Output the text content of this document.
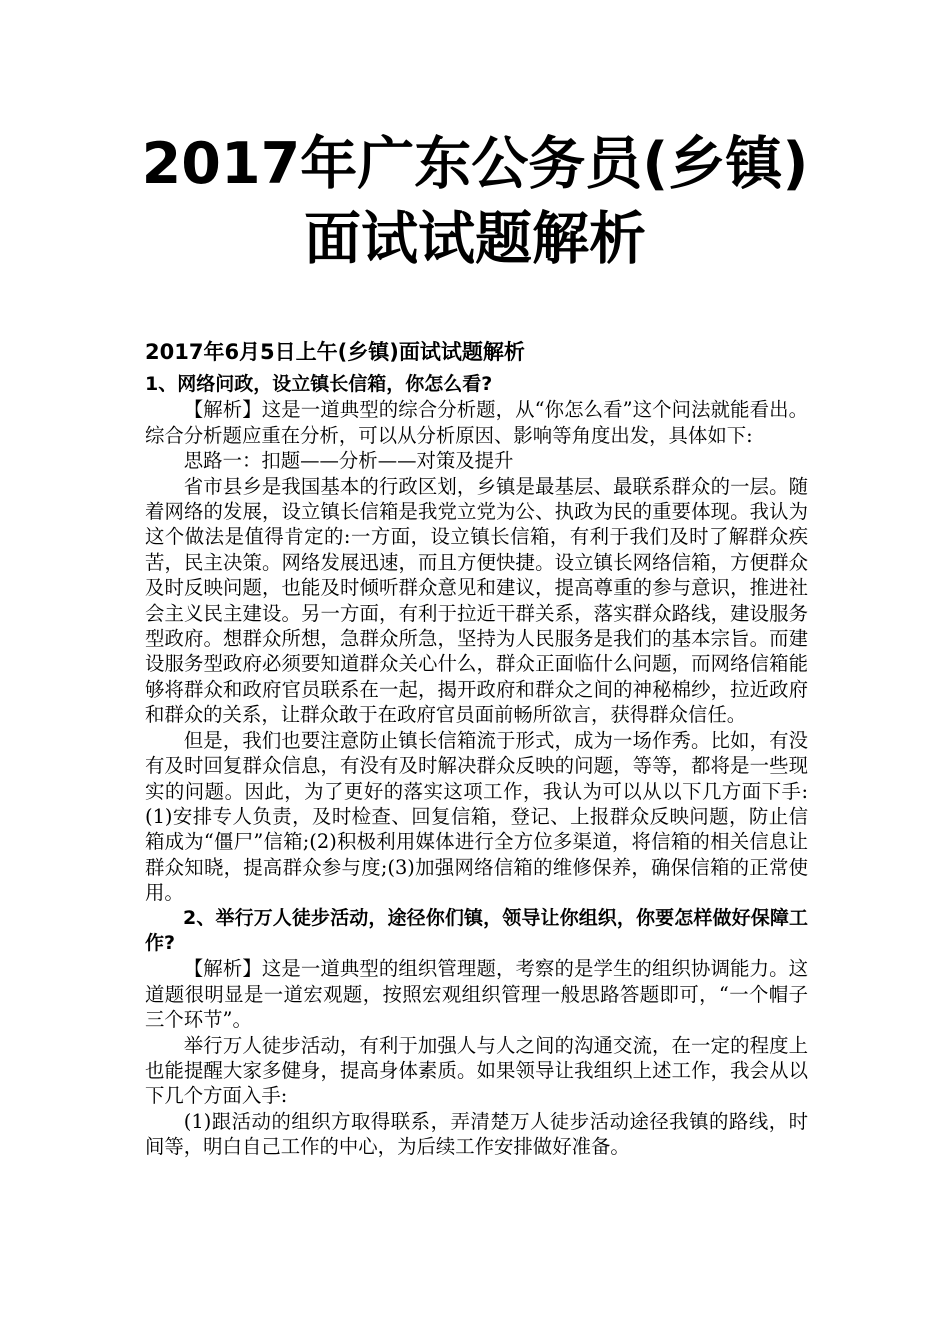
2017年广东公务员(乡镇)
面试试题解析
2017年6月5日上午(乡镇)面试试题解析

1、网络问政，设立镇长信箱，你怎么看?

【解析】这是一道典型的综合分析题，从“你怎么看”这个问法就能看出。综合分析题应重在分析，可以从分析原因、影响等角度出发，具体如下:

思路一：扣题——分析——对策及提升

省市县乡是我国基本的行政区划，乡镇是最基层、最联系群众的一层。随着网络的发展，设立镇长信箱是我党立党为公、执政为民的重要体现。我认为这个做法是值得肯定的:一方面，设立镇长信箱，有利于我们及时了解群众疾苦，民主决策。网络发展迅速，而且方便快捷。设立镇长网络信箱，方便群众及时反映问题，也能及时倾听群众意见和建议，提高尊重的参与意识，推进社会主义民主建设。另一方面，有利于拉近干群关系，落实群众路线，建设服务型政府。想群众所想，急群众所急，坚持为人民服务是我们的基本宗旨。而建设服务型政府必须要知道群众关心什么，群众正面临什么问题，而网络信箱能够将群众和政府官员联系在一起，揭开政府和群众之间的神秘棉纱，拉近政府和群众的关系，让群众敢于在政府官员面前畅所欲言，获得群众信任。

但是，我们也要注意防止镇长信箱流于形式，成为一场作秀。比如，有没有及时回复群众信息，有没有及时解决群众反映的问题，等等，都将是一些现实的问题。因此，为了更好的落实这项工作，我认为可以从以下几方面下手:(1)安排专人负责，及时检查、回复信箱，登记、上报群众反映问题，防止信箱成为“僵尸”信箱;(2)积极利用媒体进行全方位多渠道，将信箱的相关信息让群众知晓，提高群众参与度;(3)加强网络信箱的维修保养，确保信箱的正常使用。

2、举行万人徒步活动，途径你们镇，领导让你组织，你要怎样做好保障工作?

【解析】这是一道典型的组织管理题，考察的是学生的组织协调能力。这道题很明显是一道宏观题，按照宏观组织管理一般思路答题即可，“一个帽子三个环节”。

举行万人徒步活动，有利于加强人与人之间的沟通交流，在一定的程度上也能提醒大家多健身，提高身体素质。如果领导让我组织上述工作，我会从以下几个方面入手:

(1)跟活动的组织方取得联系，弄清楚万人徒步活动途径我镇的路线，时间等，明白自己工作的中心，为后续工作安排做好准备。
